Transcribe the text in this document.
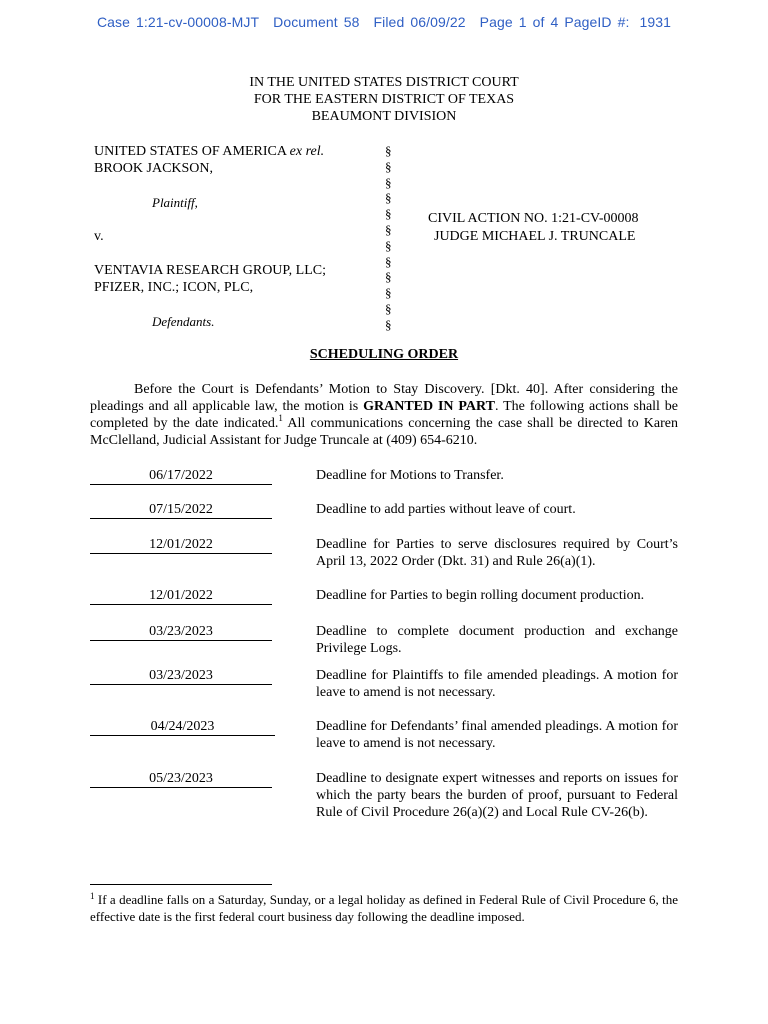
Case 1:21-cv-00008-MJT Document 58 Filed 06/09/22 Page 1 of 4 PageID #: 1931
IN THE UNITED STATES DISTRICT COURT
FOR THE EASTERN DISTRICT OF TEXAS
BEAUMONT DIVISION
UNITED STATES OF AMERICA ex rel.
BROOK JACKSON,
Plaintiff,
v.
VENTAVIA RESEARCH GROUP, LLC;
PFIZER, INC.; ICON, PLC,
Defendants.
§
§
§
§
§
§
§
§
§
§
§
§
CIVIL ACTION NO. 1:21-CV-00008
JUDGE MICHAEL J. TRUNCALE
SCHEDULING ORDER
Before the Court is Defendants’ Motion to Stay Discovery. [Dkt. 40]. After considering the pleadings and all applicable law, the motion is GRANTED IN PART. The following actions shall be completed by the date indicated.$^1$ All communications concerning the case shall be directed to Karen McClelland, Judicial Assistant for Judge Truncale at (409) 654-6210.
06/17/2022	Deadline for Motions to Transfer.
07/15/2022	Deadline to add parties without leave of court.
12/01/2022	Deadline for Parties to serve disclosures required by Court’s April 13, 2022 Order (Dkt. 31) and Rule 26(a)(1).
12/01/2022	Deadline for Parties to begin rolling document production.
03/23/2023	Deadline to complete document production and exchange Privilege Logs.
03/23/2023	Deadline for Plaintiffs to file amended pleadings. A motion for leave to amend is not necessary.
04/24/2023	Deadline for Defendants’ final amended pleadings. A motion for leave to amend is not necessary.
05/23/2023	Deadline to designate expert witnesses and reports on issues for which the party bears the burden of proof, pursuant to Federal Rule of Civil Procedure 26(a)(2) and Local Rule CV-26(b).
$^1$ If a deadline falls on a Saturday, Sunday, or a legal holiday as defined in Federal Rule of Civil Procedure 6, the effective date is the first federal court business day following the deadline imposed.
